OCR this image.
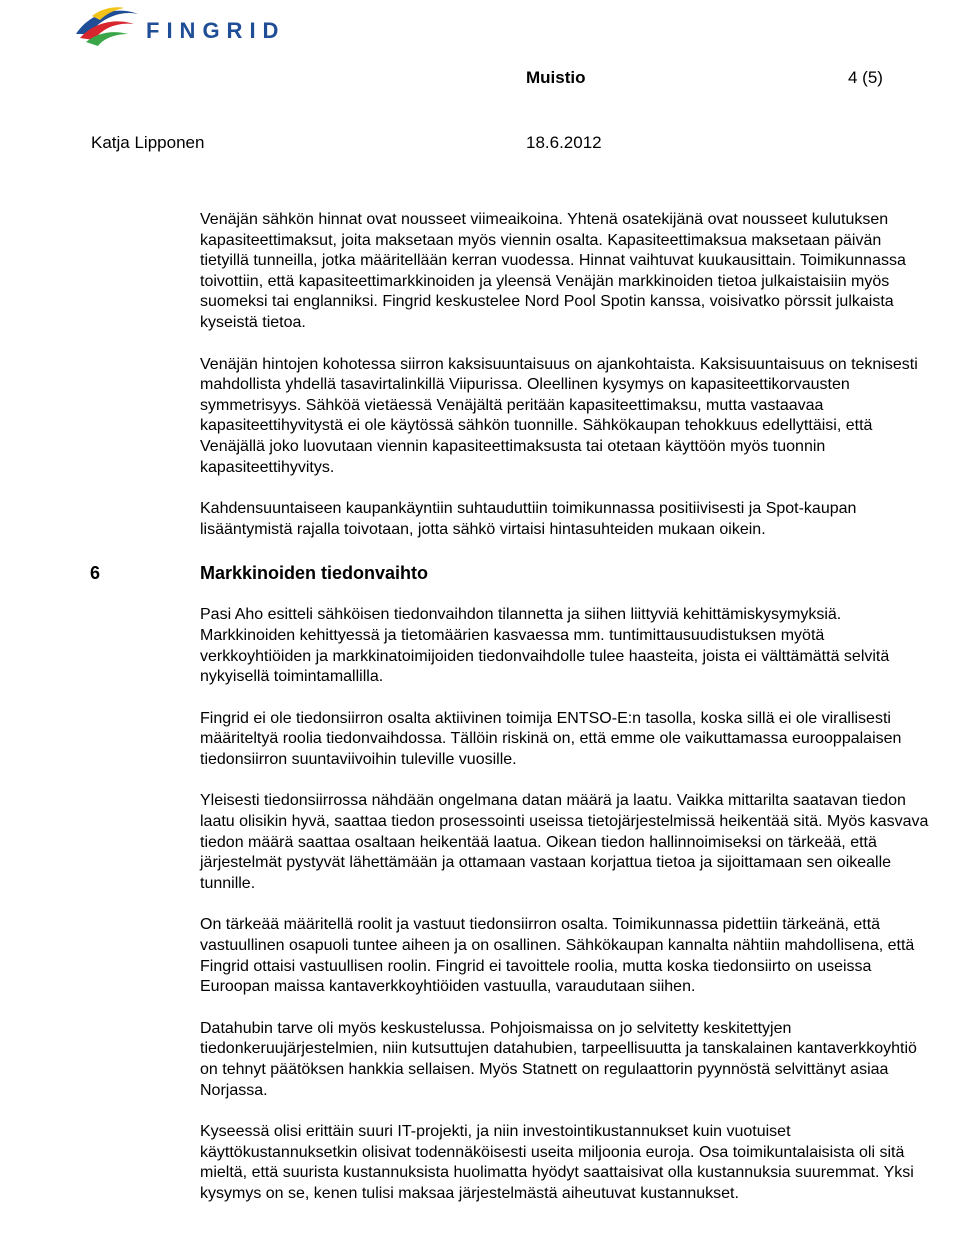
FINGRID
Muistio	4 (5)
Katja Lipponen	18.6.2012

Venäjän sähkön hinnat ovat nousseet viimeaikoina. Yhtenä osatekijänä ovat nousseet kulutuksen kapasiteettimaksut, joita maksetaan myös viennin osalta. Kapasiteettimaksua maksetaan päivän tietyillä tunneilla, jotka määritellään kerran vuodessa. Hinnat vaihtuvat kuukausittain. Toimikunnassa toivottiin, että kapasiteettimarkkinoiden ja yleensä Venäjän markkinoiden tietoa julkaistaisiin myös suomeksi tai englanniksi. Fingrid keskustelee Nord Pool Spotin kanssa, voisivatko pörssit julkaista kyseistä tietoa.

Venäjän hintojen kohotessa siirron kaksisuuntaisuus on ajankohtaista. Kaksisuuntaisuus on teknisesti mahdollista yhdellä tasavirtalinkillä Viipurissa. Oleellinen kysymys on kapasiteettikorvausten symmetrisyys. Sähköä vietäessä Venäjältä peritään kapasiteettimaksu, mutta vastaavaa kapasiteettihyvitystä ei ole käytössä sähkön tuonnille. Sähkökaupan tehokkuus edellyttäisi, että Venäjällä joko luovutaan viennin kapasiteettimaksusta tai otetaan käyttöön myös tuonnin kapasiteettihyvitys.

Kahdensuuntaiseen kaupankäyntiin suhtauduttiin toimikunnassa positiivisesti ja Spot-kaupan lisääntymistä rajalla toivotaan, jotta sähkö virtaisi hintasuhteiden mukaan oikein.

6	Markkinoiden tiedonvaihto

Pasi Aho esitteli sähköisen tiedonvaihdon tilannetta ja siihen liittyviä kehittämiskysymyksiä. Markkinoiden kehittyessä ja tietomäärien kasvaessa mm. tuntimittausuudistuksen myötä verkkoyhtiöiden ja markkinatoimijoiden tiedonvaihdolle tulee haasteita, joista ei välttämättä selvitä nykyisellä toimintamallilla.

Fingrid ei ole tiedonsiirron osalta aktiivinen toimija ENTSO-E:n tasolla, koska sillä ei ole virallisesti määriteltyä roolia tiedonvaihdossa. Tällöin riskinä on, että emme ole vaikuttamassa eurooppalaisen tiedonsiirron suuntaviivoihin tuleville vuosille.

Yleisesti tiedonsiirrossa nähdään ongelmana datan määrä ja laatu. Vaikka mittarilta saatavan tiedon laatu olisikin hyvä, saattaa tiedon prosessointi useissa tietojärjestelmissä heikentää sitä. Myös kasvava tiedon määrä saattaa osaltaan heikentää laatua. Oikean tiedon hallinnoimiseksi on tärkeää, että järjestelmät pystyvät lähettämään ja ottamaan vastaan korjattua tietoa ja sijoittamaan sen oikealle tunnille.

On tärkeää määritellä roolit ja vastuut tiedonsiirron osalta. Toimikunnassa pidettiin tärkeänä, että vastuullinen osapuoli tuntee aiheen ja on osallinen. Sähkökaupan kannalta nähtiin mahdollisena, että Fingrid ottaisi vastuullisen roolin. Fingrid ei tavoittele roolia, mutta koska tiedonsiirto on useissa Euroopan maissa kantaverkkoyhtiöiden vastuulla, varaudutaan siihen.

Datahubin tarve oli myös keskustelussa. Pohjoismaissa on jo selvitetty keskitettyjen tiedonkeruujärjestelmien, niin kutsuttujen datahubien, tarpeellisuutta ja tanskalainen kantaverkkoyhtiö on tehnyt päätöksen hankkia sellaisen. Myös Statnett on regulaattorin pyynnöstä selvittänyt asiaa Norjassa.

Kyseessä olisi erittäin suuri IT-projekti, ja niin investointikustannukset kuin vuotuiset käyttökustannuksetkin olisivat todennäköisesti useita miljoonia euroja. Osa toimikuntalaisista oli sitä mieltä, että suurista kustannuksista huolimatta hyödyt saattaisivat olla kustannuksia suuremmat. Yksi kysymys on se, kenen tulisi maksaa järjestelmästä aiheutuvat kustannukset.
